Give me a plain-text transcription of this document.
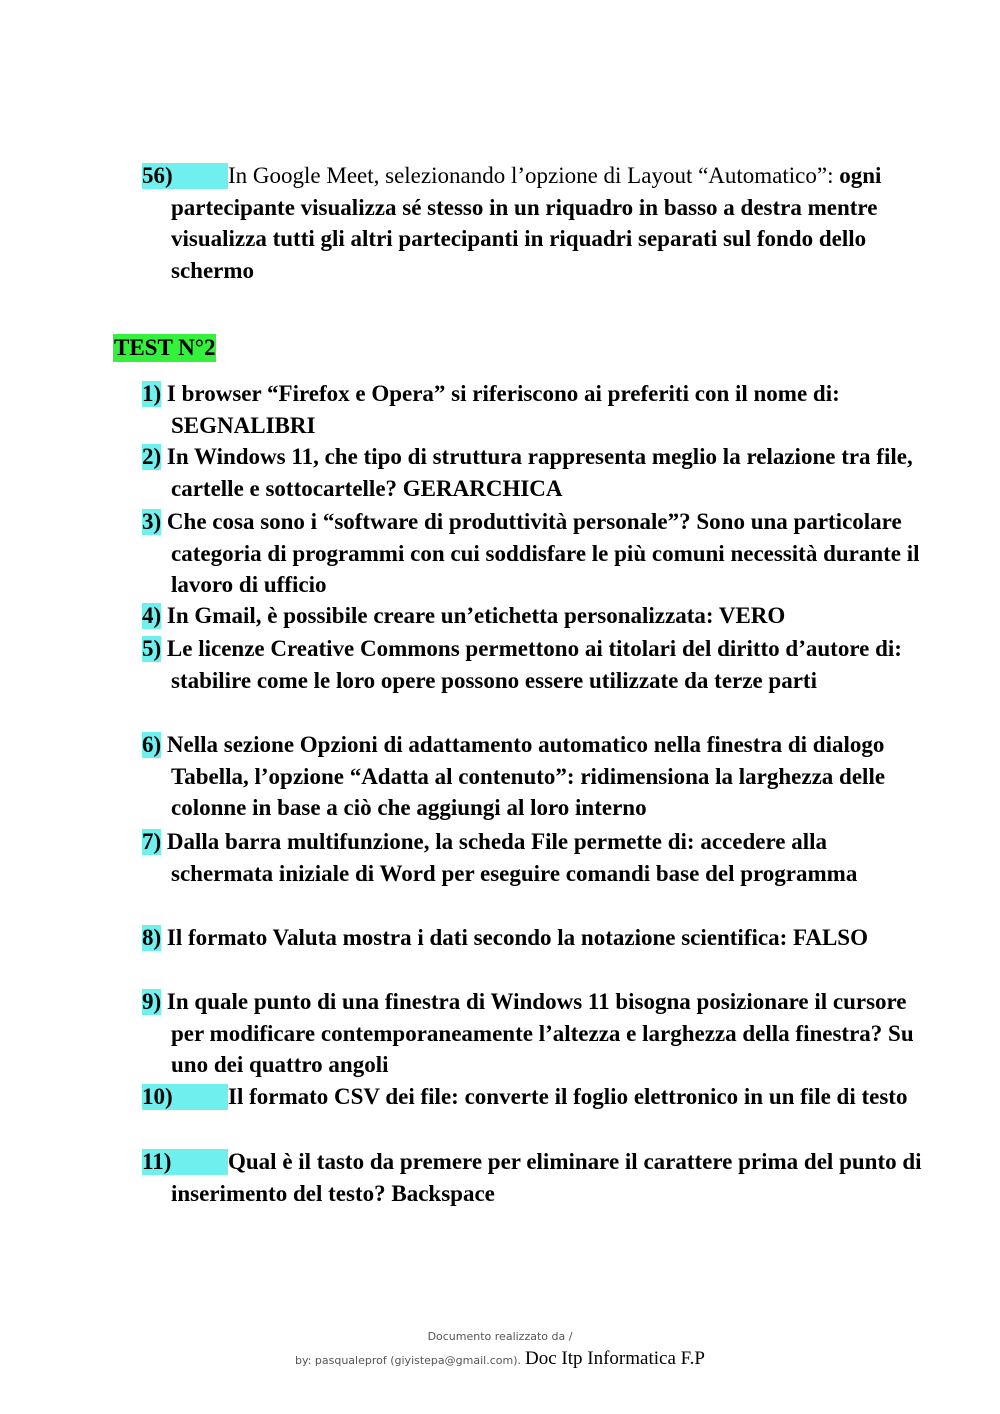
56) In Google Meet, selezionando l’opzione di Layout “Automatico”: ogni partecipante visualizza sé stesso in un riquadro in basso a destra mentre visualizza tutti gli altri partecipanti in riquadri separati sul fondo dello schermo
TEST N°2
1) I browser “Firefox e Opera” si riferiscono ai preferiti con il nome di: SEGNALIBRI
2) In Windows 11, che tipo di struttura rappresenta meglio la relazione tra file, cartelle e sottocartelle? GERARCHICA
3) Che cosa sono i “software di produttività personale”? Sono una particolare categoria di programmi con cui soddisfare le più comuni necessità durante il lavoro di ufficio
4) In Gmail, è possibile creare un’etichetta personalizzata: VERO
5) Le licenze Creative Commons permettono ai titolari del diritto d’autore di: stabilire come le loro opere possono essere utilizzate da terze parti
6) Nella sezione Opzioni di adattamento automatico nella finestra di dialogo Tabella, l’opzione “Adatta al contenuto”: ridimensiona la larghezza delle colonne in base a ciò che aggiungi al loro interno
7) Dalla barra multifunzione, la scheda File permette di: accedere alla schermata iniziale di Word per eseguire comandi base del programma
8) Il formato Valuta mostra i dati secondo la notazione scientifica: FALSO
9) In quale punto di una finestra di Windows 11 bisogna posizionare il cursore per modificare contemporaneamente l’altezza e larghezza della finestra? Su uno dei quattro angoli
10) Il formato CSV dei file: converte il foglio elettronico in un file di testo
11) Qual è il tasto da premere per eliminare il carattere prima del punto di inserimento del testo? Backspace
Documento realizzato da /
by: pasqualeprof (giyistepa@gmail.com). Doc Itp Informatica F.P
